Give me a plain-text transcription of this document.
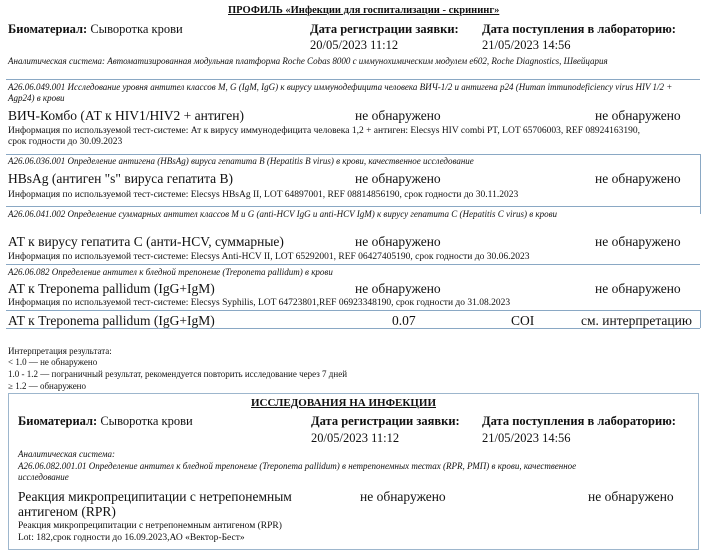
ПРОФИЛЬ «Инфекции для госпитализации - скрининг»
Биоматериал: Сыворотка крови	Дата регистрации заявки:
20/05/2023 11:12
Дата поступления в лабораторию:
21/05/2023 14:56
Аналитическая система: Автоматизированная модульная платформа Roche Cobas 8000 с иммунохимическим модулем e602, Roche Diagnostics, Швейцария
A26.06.049.001 Исследование уровня антител классов M, G (IgM, IgG) к вирусу иммунодефицита человека ВИЧ-1/2 и антигена p24 (Human immunodeficiency virus HIV 1/2 + Agp24) в крови
ВИЧ-Комбо (АТ к HIV1/HIV2 + антиген)	не обнаружено	не обнаружено
Информация по используемой тест-системе: Ат к вирусу иммунодефицита человека 1,2 + антиген: Elecsys HIV combi PT, LOT 65706003, REF 08924163190, срок годности до 30.09.2023
A26.06.036.001 Определение антигена (HBsAg) вируса гепатита B (Hepatitis B virus) в крови, качественное исследование
HBsAg (антиген "s" вируса гепатита B)	не обнаружено	не обнаружено
Информация по используемой тест-системе: Elecsys HBsAg II, LOT 64897001, REF 08814856190, срок годности до 30.11.2023
A26.06.041.002 Определение суммарных антител классов M и G (anti-HCV IgG и anti-HCV IgM) к вирусу гепатита C (Hepatitis C virus) в крови
АТ к вирусу гепатита С (анти-HCV, суммарные)	не обнаружено	не обнаружено
Информация по используемой тест-системе: Elecsys Anti-HCV II, LOT 65292001, REF 06427405190, срок годности до 30.06.2023
A26.06.082 Определение антител к бледной трепонеме (Treponema pallidum) в крови
АТ к Treponema pallidum (IgG+IgM)	не обнаружено	не обнаружено
Информация по используемой тест-системе: Elecsys Syphilis, LOT 64723801,REF 06923348190, срок годности до 31.08.2023
АТ к Treponema pallidum (IgG+IgM)	0.07	COI	см. интерпретацию
Интерпретация результата:
< 1.0 — не обнаружено
1.0 - 1.2 — пограничный результат, рекомендуется повторить исследование через 7 дней
≥ 1.2 — обнаружено
ИССЛЕДОВАНИЯ НА ИНФЕКЦИИ
Биоматериал: Сыворотка крови	Дата регистрации заявки:
20/05/2023 11:12
Дата поступления в лабораторию:
21/05/2023 14:56
Аналитическая система:
A26.06.082.001.01 Определение антител к бледной трепонеме (Treponema pallidum) в нетрепонемных тестах (RPR, РМП) в крови, качественное исследование
Реакция микропреципитации с нетрепонемным антигеном (RPR)
не обнаружено	не обнаружено
Реакция микропреципитации с нетрепонемным антигеном (RPR)
Lot: 182,срок годности до 16.09.2023,АО «Вектор-Бест»
